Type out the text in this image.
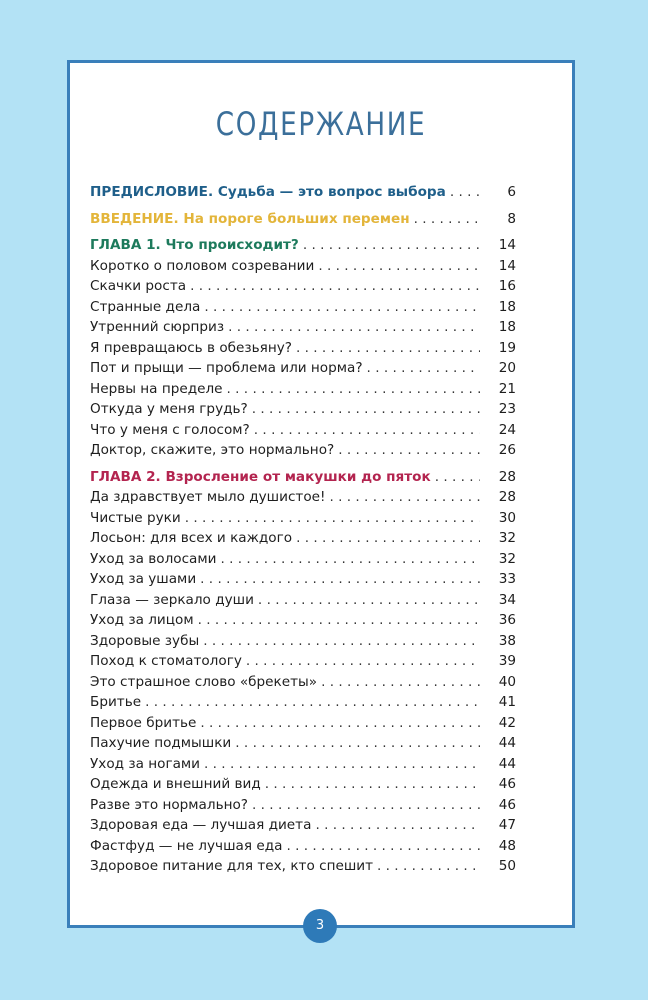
СОДЕРЖАНИЕ
ПРЕДИСЛОВИЕ. Судьба — это вопрос выбора . . .	6
ВВЕДЕНИЕ. На пороге больших перемен . . .	8
ГЛАВА 1. Что происходит? . . .	14
Коротко о половом созревании . . .	14
Скачки роста . . .	16
Странные дела . . .	18
Утренний сюрприз . . .	18
Я превращаюсь в обезьяну? . . .	19
Пот и прыщи — проблема или норма? . . .	20
Нервы на пределе . . .	21
Откуда у меня грудь? . . .	23
Что у меня с голосом? . . .	24
Доктор, скажите, это нормально? . . .	26
ГЛАВА 2. Взросление от макушки до пяток . . .	28
Да здравствует мыло душистое! . . .	28
Чистые руки . . .	30
Лосьон: для всех и каждого . . .	32
Уход за волосами . . .	32
Уход за ушами . . .	33
Глаза — зеркало души . . .	34
Уход за лицом . . .	36
Здоровые зубы . . .	38
Поход к стоматологу . . .	39
Это страшное слово «брекеты» . . .	40
Бритье . . .	41
Первое бритье . . .	42
Пахучие подмышки . . .	44
Уход за ногами . . .	44
Одежда и внешний вид . . .	46
Разве это нормально? . . .	46
Здоровая еда — лучшая диета . . .	47
Фастфуд — не лучшая еда . . .	48
Здоровое питание для тех, кто спешит . . .	50
3
